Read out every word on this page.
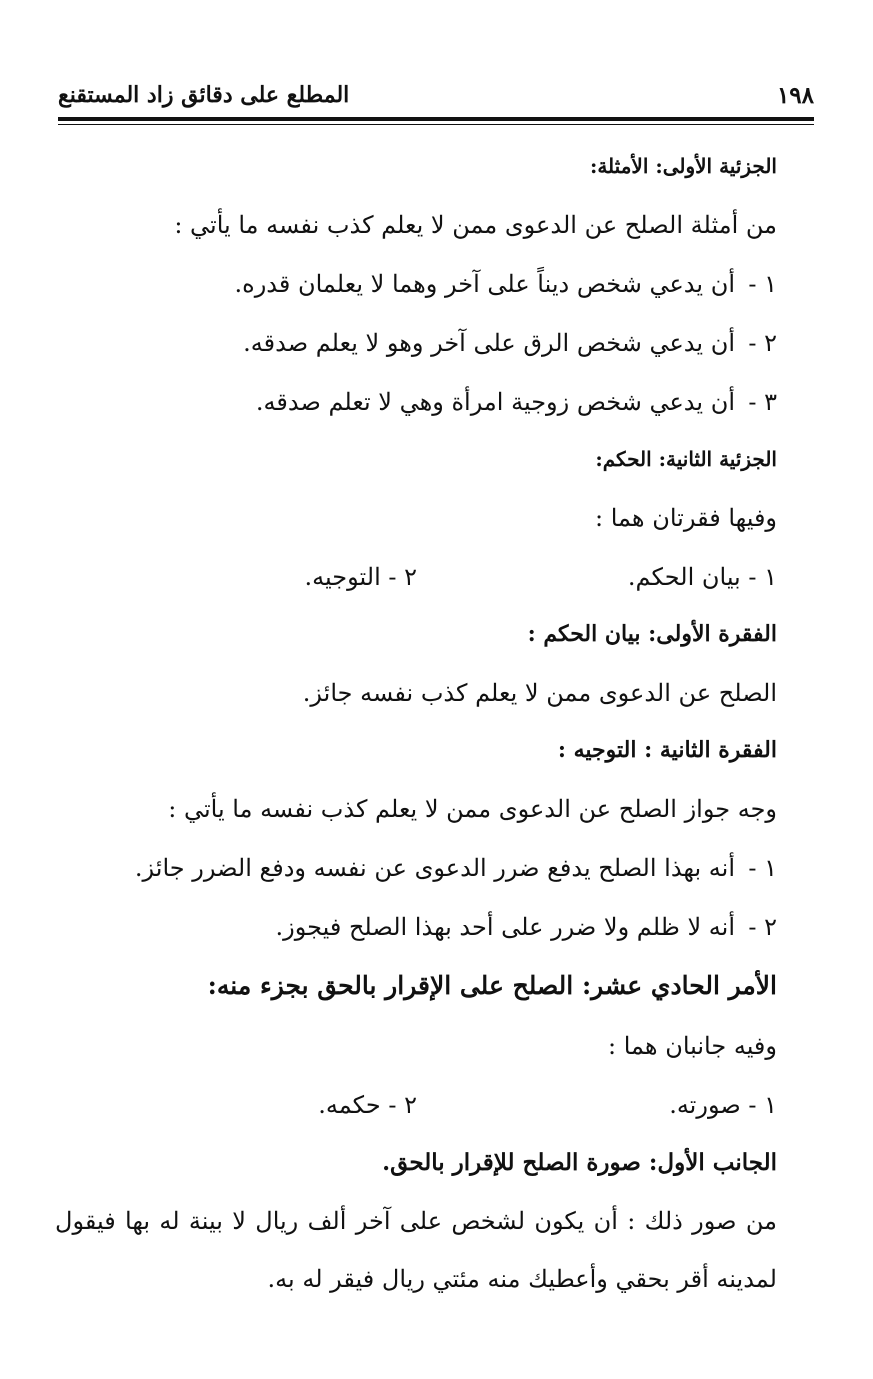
١٩٨
المطلع على دقائق زاد المستقنع
الجزئية الأولى: الأمثلة:
من أمثلة الصلح عن الدعوى ممن لا يعلم كذب نفسه ما يأتي :
١ -أن يدعي شخص ديناً على آخر وهما لا يعلمان قدره.
٢ -أن يدعي شخص الرق على آخر وهو لا يعلم صدقه.
٣ -أن يدعي شخص زوجية امرأة وهي لا تعلم صدقه.
الجزئية الثانية: الحكم:
وفيها فقرتان هما :
١ - بيان الحكم.
٢ - التوجيه.
الفقرة الأولى: بيان الحكم :
الصلح عن الدعوى ممن لا يعلم كذب نفسه جائز.
الفقرة الثانية : التوجيه :
وجه جواز الصلح عن الدعوى ممن لا يعلم كذب نفسه ما يأتي :
١ -أنه بهذا الصلح يدفع ضرر الدعوى عن نفسه ودفع الضرر جائز.
٢ -أنه لا ظلم ولا ضرر على أحد بهذا الصلح فيجوز.
الأمر الحادي عشر: الصلح على الإقرار بالحق بجزء منه:
وفيه جانبان هما :
١ - صورته.
٢ - حكمه.
الجانب الأول: صورة الصلح للإقرار بالحق.
من صور ذلك : أن يكون لشخص على آخر ألف ريال لا بينة له بها فيقول لمدينه أقر بحقي وأعطيك منه مئتي ريال فيقر له به.
